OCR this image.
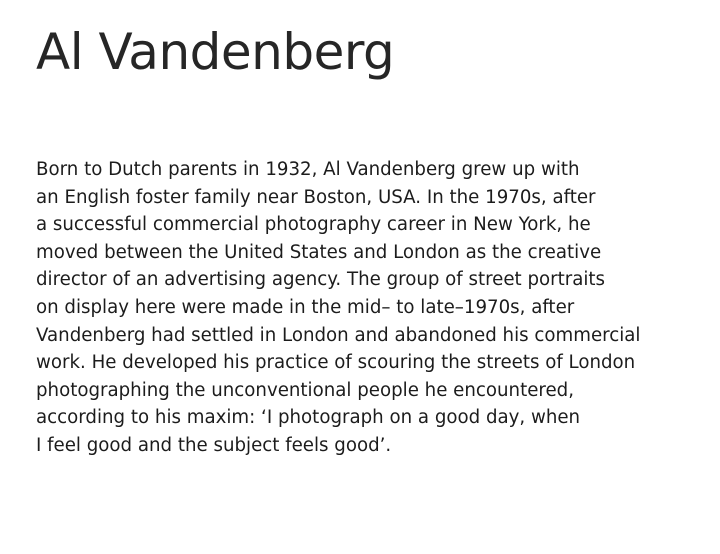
Al Vandenberg

Born to Dutch parents in 1932, Al Vandenberg grew up with
an English foster family near Boston, USA. In the 1970s, after
a successful commercial photography career in New York, he
moved between the United States and London as the creative
director of an advertising agency. The group of street portraits
on display here were made in the mid– to late–1970s, after
Vandenberg had settled in London and abandoned his commercial
work. He developed his practice of scouring the streets of London
photographing the unconventional people he encountered,
according to his maxim: ‘I photograph on a good day, when
I feel good and the subject feels good’.
